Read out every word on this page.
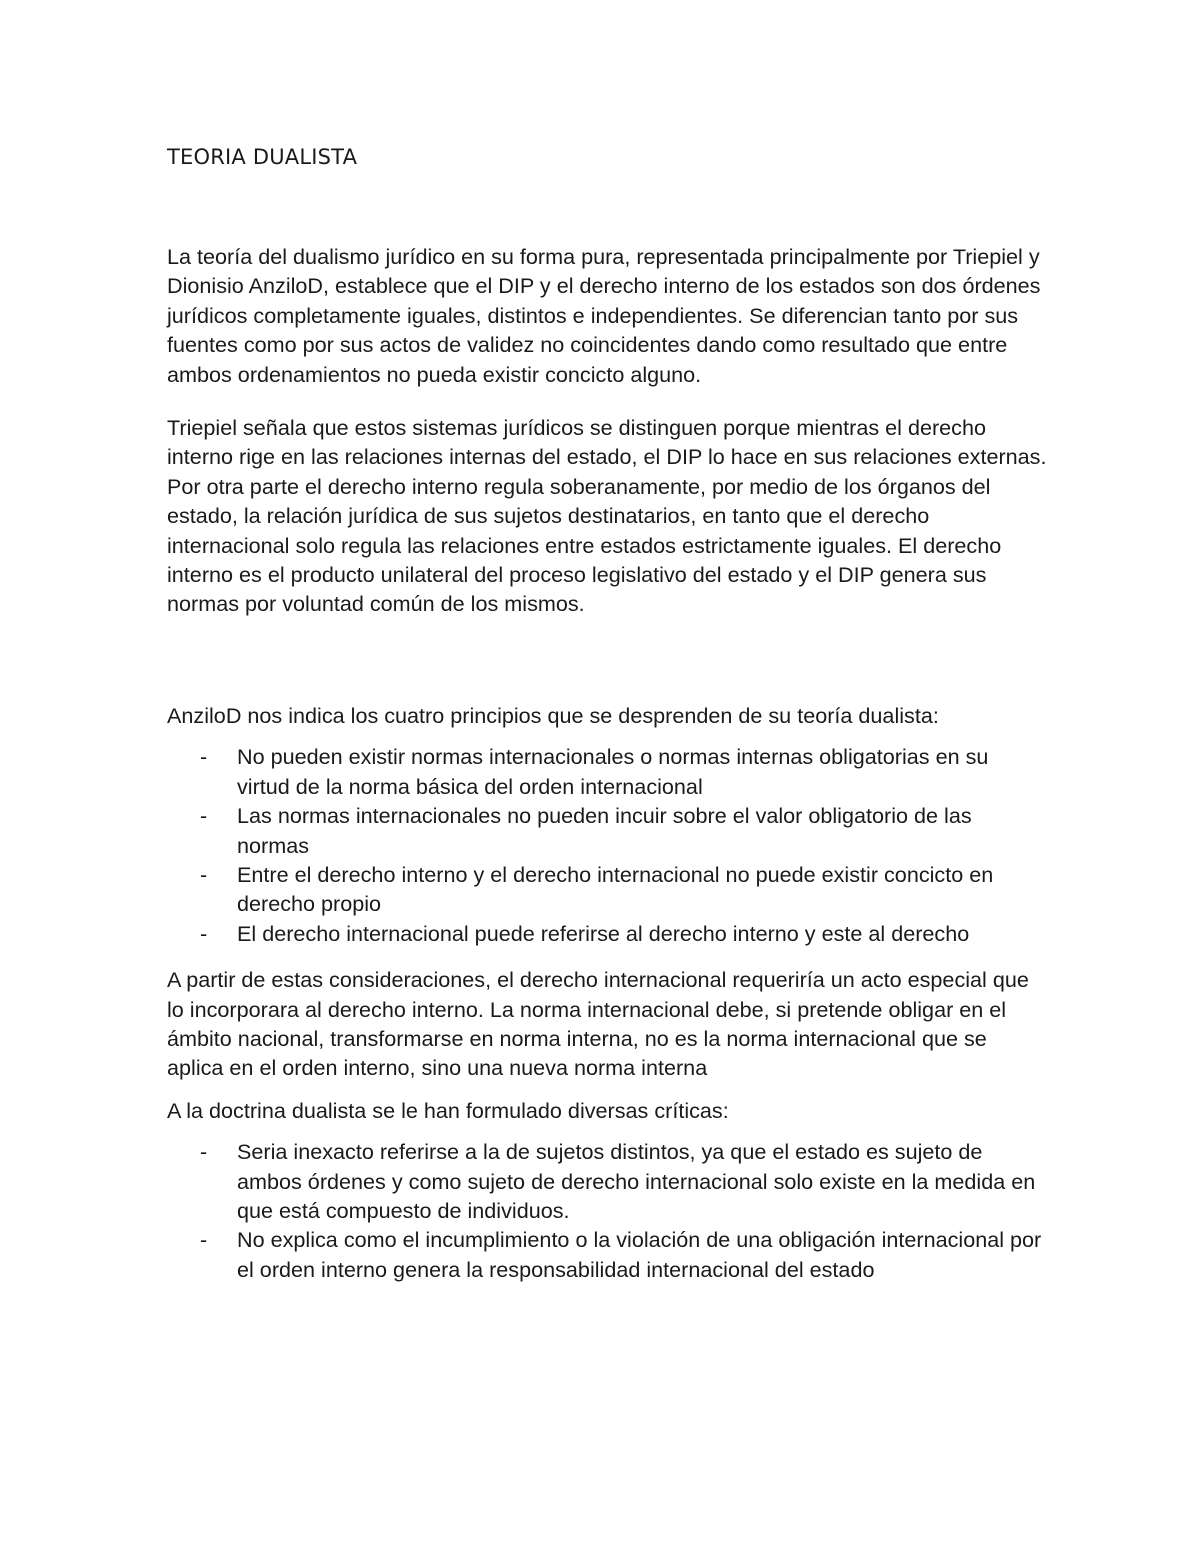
TEORIA DUALISTA

La teoría del dualismo jurídico en su forma pura, representada principalmente por Triepiel y Dionisio AnziloD, establece que el DIP y el derecho interno de los estados son dos órdenes jurídicos completamente iguales, distintos e independientes. Se diferencian tanto por sus fuentes como por sus actos de validez no coincidentes dando como resultado que entre ambos ordenamientos no pueda existir concicto alguno.

Triepiel señala que estos sistemas jurídicos se distinguen porque mientras el derecho interno rige en las relaciones internas del estado, el DIP lo hace en sus relaciones externas. Por otra parte el derecho interno regula soberanamente, por medio de los órganos del estado, la relación jurídica de sus sujetos destinatarios, en tanto que el derecho internacional solo regula las relaciones entre estados estrictamente iguales. El derecho interno es el producto unilateral del proceso legislativo del estado y el DIP genera sus normas por voluntad común de los mismos.

AnziloD nos indica los cuatro principios que se desprenden de su teoría dualista:

- No pueden existir normas internacionales o normas internas obligatorias en su virtud de la norma básica del orden internacional
- Las normas internacionales no pueden incuir sobre el valor obligatorio de las normas
- Entre el derecho interno y el derecho internacional no puede existir concicto en derecho propio
- El derecho internacional puede referirse al derecho interno y este al derecho

A partir de estas consideraciones, el derecho internacional requeriría un acto especial que lo incorporara al derecho interno. La norma internacional debe, si pretende obligar en el ámbito nacional, transformarse en norma interna, no es la norma internacional que se aplica en el orden interno, sino una nueva norma interna

A la doctrina dualista se le han formulado diversas críticas:

- Seria inexacto referirse a la de sujetos distintos, ya que el estado es sujeto de ambos órdenes y como sujeto de derecho internacional solo existe en la medida en que está compuesto de individuos.
- No explica como el incumplimiento o la violación de una obligación internacional por el orden interno genera la responsabilidad internacional del estado
